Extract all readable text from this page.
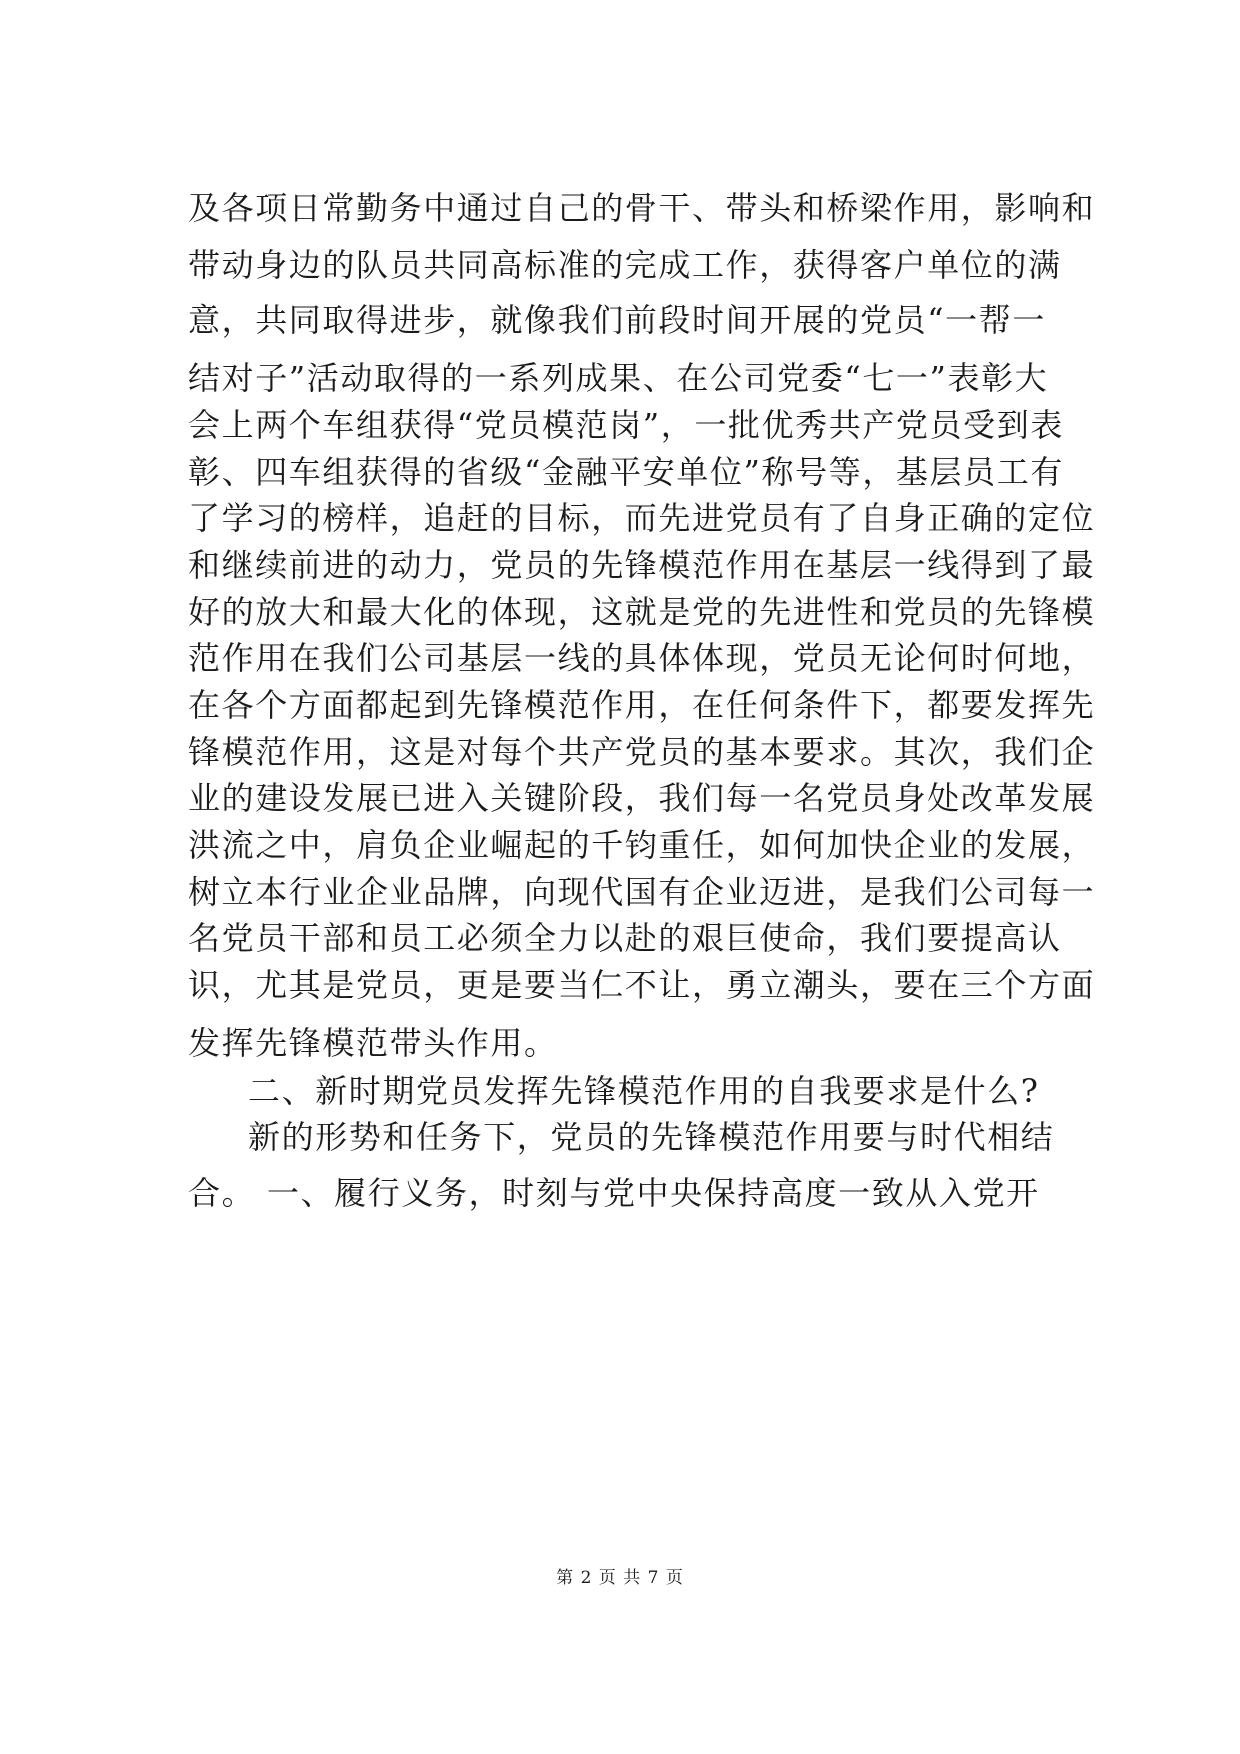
及各项日常勤务中通过自己的骨干、带头和桥梁作用，影响和
带动身边的队员共同高标准的完成工作，获得客户单位的满
意，共同取得进步，就像我们前段时间开展的党员“一帮一
结对子”活动取得的一系列成果、在公司党委“七一”表彰大
会上两个车组获得“党员模范岗”，一批优秀共产党员受到表
彰、四车组获得的省级“金融平安单位”称号等，基层员工有
了学习的榜样，追赶的目标，而先进党员有了自身正确的定位
和继续前进的动力，党员的先锋模范作用在基层一线得到了最
好的放大和最大化的体现，这就是党的先进性和党员的先锋模
范作用在我们公司基层一线的具体体现，党员无论何时何地，
在各个方面都起到先锋模范作用，在任何条件下，都要发挥先
锋模范作用，这是对每个共产党员的基本要求。其次，我们企
业的建设发展已进入关键阶段，我们每一名党员身处改革发展
洪流之中，肩负企业崛起的千钧重任，如何加快企业的发展，
树立本行业企业品牌，向现代国有企业迈进，是我们公司每一
名党员干部和员工必须全力以赴的艰巨使命，我们要提高认
识，尤其是党员，更是要当仁不让，勇立潮头，要在三个方面
发挥先锋模范带头作用。
二、新时期党员发挥先锋模范作用的自我要求是什么?
新的形势和任务下，党员的先锋模范作用要与时代相结
合。 一、履行义务，时刻与党中央保持高度一致从入党开
第 2 页 共 7 页
